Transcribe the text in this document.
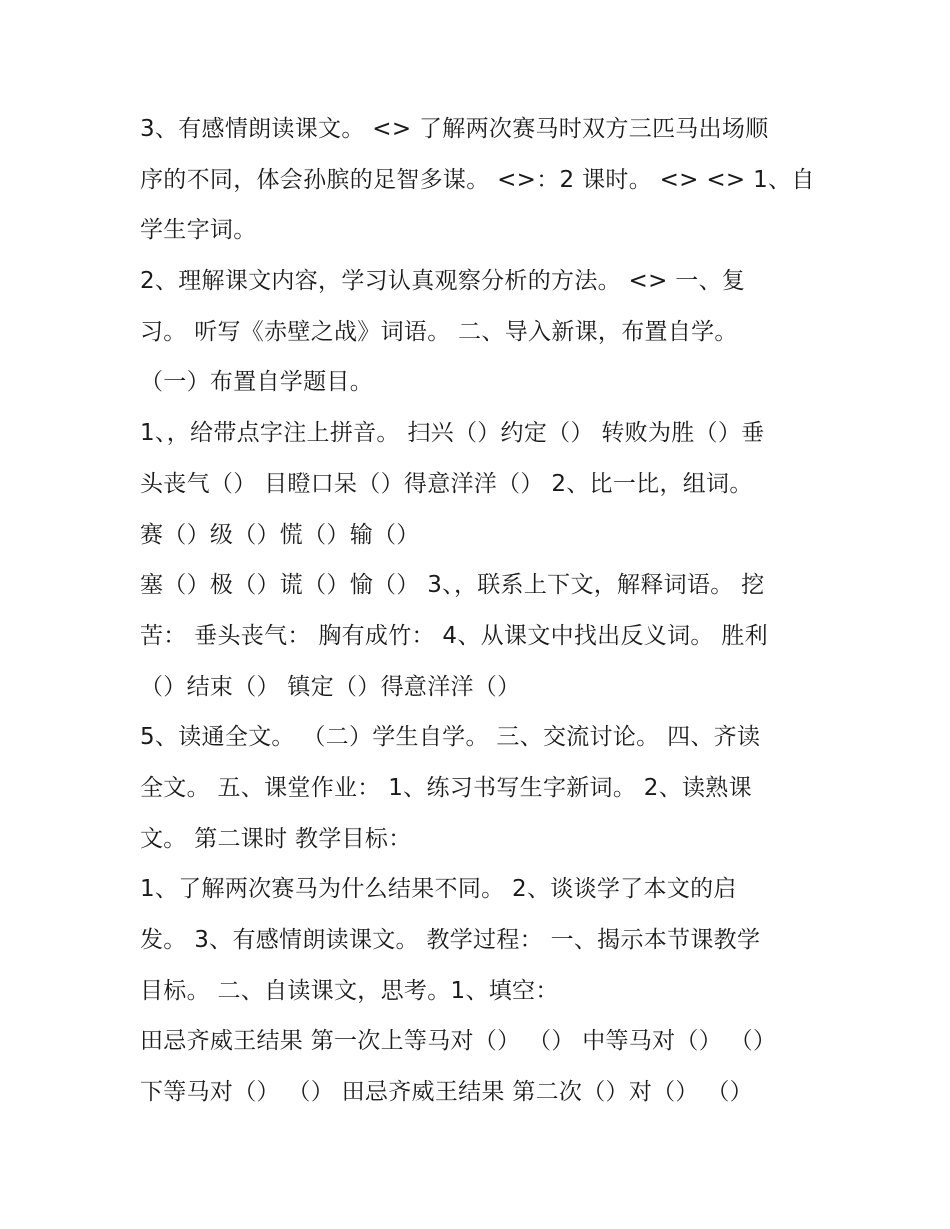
3、有感情朗读课文。 <> 了解两次赛马时双方三匹马出场顺
序的不同，体会孙膑的足智多谋。 <>：2 课时。 <> <> 1、自
学生字词。
2、理解课文内容，学习认真观察分析的方法。 <> 一、复
习。 听写《赤壁之战》词语。 二、导入新课，布置自学。
（一）布置自学题目。
1、，给带点字注上拼音。 扫兴（）约定（） 转败为胜（）垂
头丧气（） 目瞪口呆（）得意洋洋（） 2、比一比，组词。
赛（）级（）慌（）输（）
塞（）极（）谎（）愉（） 3、，联系上下文，解释词语。 挖
苦： 垂头丧气： 胸有成竹： 4、从课文中找出反义词。 胜利
（）结束（） 镇定（）得意洋洋（）
5、读通全文。 （二）学生自学。 三、交流讨论。 四、齐读
全文。 五、课堂作业： 1、练习书写生字新词。 2、读熟课
文。 第二课时 教学目标：
1、了解两次赛马为什么结果不同。 2、谈谈学了本文的启
发。 3、有感情朗读课文。 教学过程： 一、揭示本节课教学
目标。 二、自读课文，思考。1、填空：
田忌齐威王结果 第一次上等马对（） （） 中等马对（） （）
下等马对（） （） 田忌齐威王结果 第二次（）对（） （）
